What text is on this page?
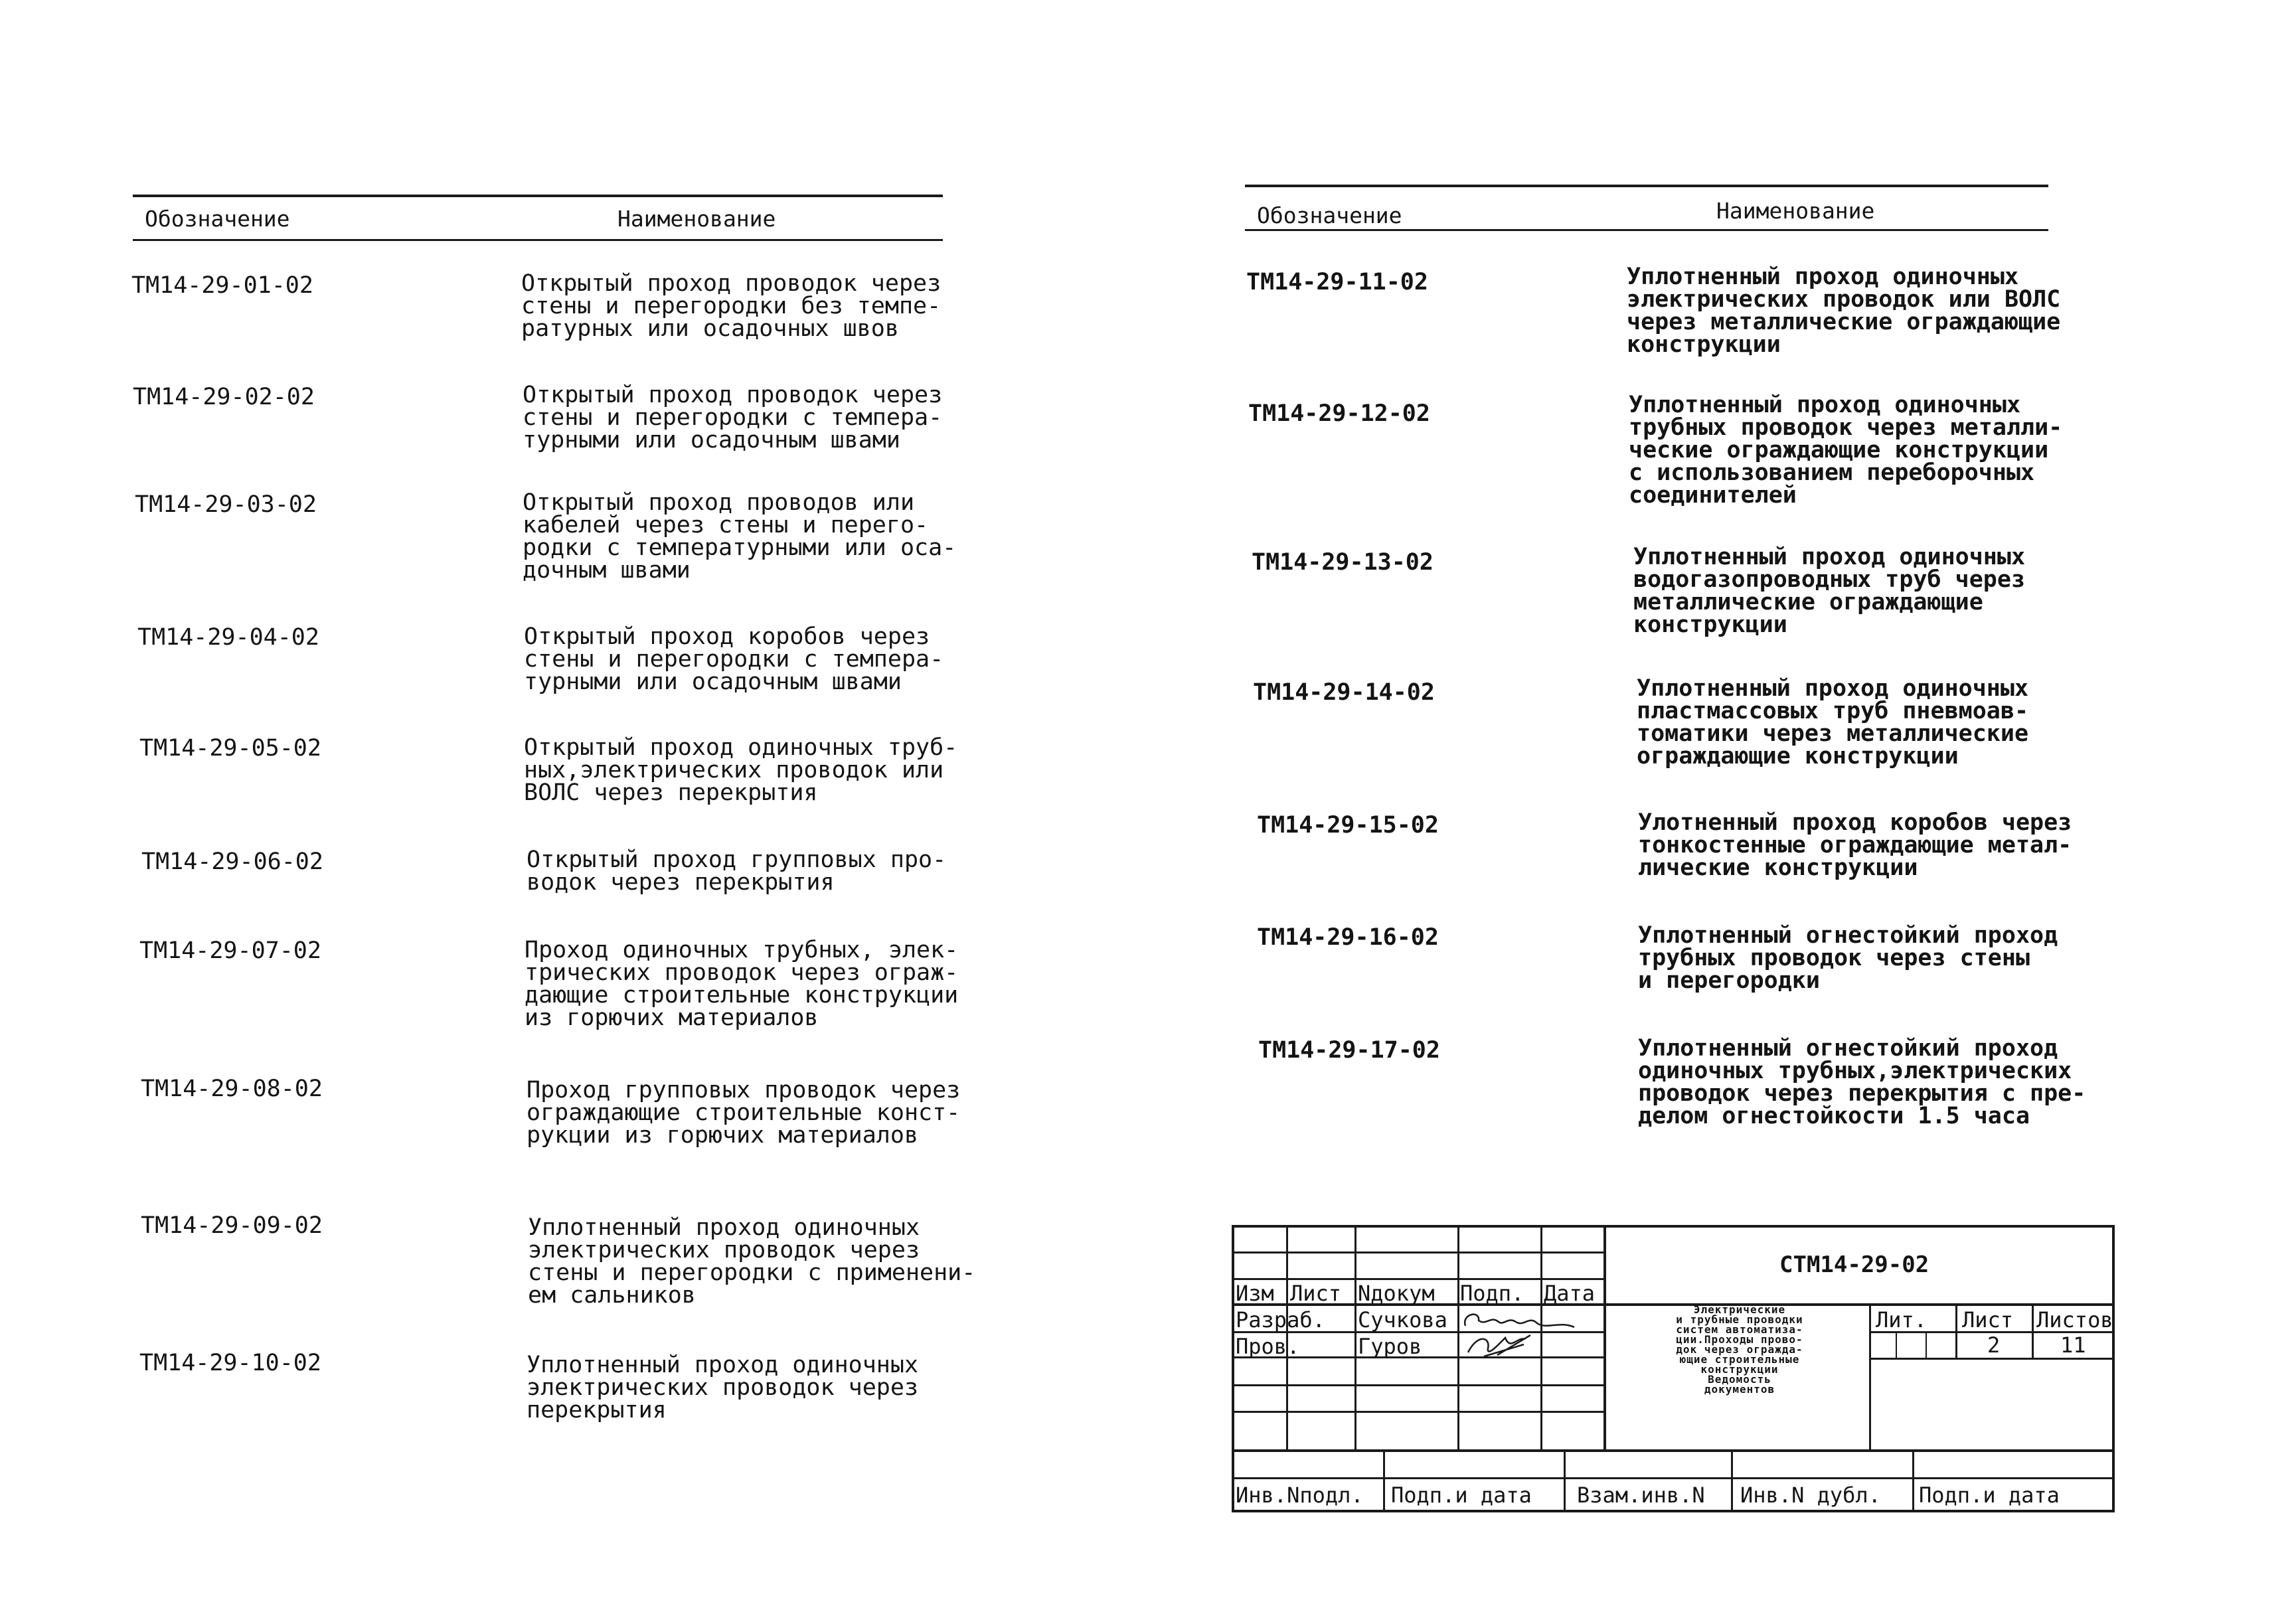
Обозначение	Наименование
ТМ14-29-01-02	Открытый проход проводок через
стены и перегородки без темпе-
ратурных или осадочных швов
ТМ14-29-02-02	Открытый проход проводок через
стены и перегородки с темпера-
турными или осадочным швами
ТМ14-29-03-02	Открытый проход проводов или
кабелей через стены и перего-
родки с температурными или оса-
дочным швами
ТМ14-29-04-02	Открытый проход коробов через
стены и перегородки с темпера-
турными или осадочным швами
ТМ14-29-05-02	Открытый проход одиночных труб-
ных,электрических проводок или
ВОЛС через перекрытия
ТМ14-29-06-02	Открытый проход групповых про-
водок через перекрытия
ТМ14-29-07-02	Проход одиночных трубных, элек-
трических проводок через ограж-
дающие строительные конструкции
из горючих материалов
ТМ14-29-08-02	Проход групповых проводок через
ограждающие строительные конст-
рукции из горючих материалов
ТМ14-29-09-02	Уплотненный проход одиночных
электрических проводок через
стены и перегородки с применени-
ем сальников
ТМ14-29-10-02	Уплотненный проход одиночных
электрических проводок через
перекрытия
Обозначение	Наименование
ТМ14-29-11-02	Уплотненный проход одиночных
электрических проводок или ВОЛС
через металлические ограждающие
конструкции
ТМ14-29-12-02	Уплотненный проход одиночных
трубных проводок через металли-
ческие ограждающие конструкции
с использованием переборочных
соединителей
ТМ14-29-13-02	Уплотненный проход одиночных
водогазопроводных труб через
металлические ограждающие
конструкции
ТМ14-29-14-02	Уплотненный проход одиночных
пластмассовых труб пневмоав-
томатики через металлические
ограждающие конструкции
ТМ14-29-15-02	Улотненный проход коробов через
тонкостенные ограждающие метал-
лические конструкции
ТМ14-29-16-02	Уплотненный огнестойкий проход
трубных проводок через стены
и перегородки
ТМ14-29-17-02	Уплотненный огнестойкий проход
одиночных трубных,электрических
проводок через перекрытия с пре-
делом огнестойкости 1.5 часа
СТМ14-29-02
Изм Лист Nдокум Подп. Дата
Разраб. Сучкова
Пров.	Гуров
Электрические
и трубные проводки
систем автоматиза-
ции.Проходы прово-
док через огражда-
ющие строительные
конструкции
Ведомость
документов
Лит. Лист Листов
2	11
Инв.Nподл. Подп.и дата Взам.инв.N Инв.N дубл. Подп.и дата
